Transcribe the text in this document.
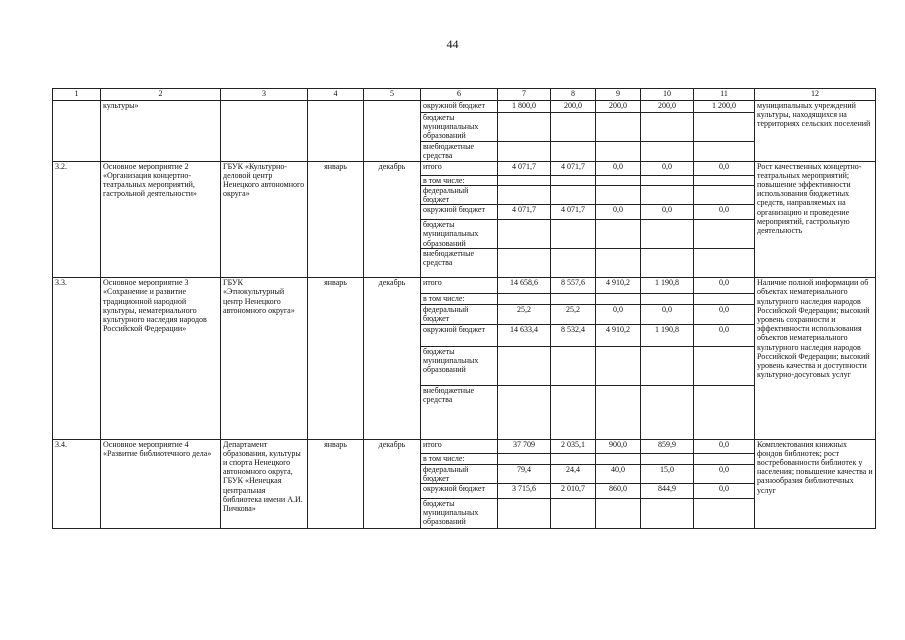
44
1	2	3	4	5	6	7	8	9	10	11	12
	культуры»				окружной бюджет	1 800,0	200,0	200,0	200,0	1 200,0	муниципальных учреждений культуры, находящихся на территориях сельских поселений
					бюджеты муниципальных образований						
					внебюджетные средства						
3.2.	Основное мероприятие 2 «Организация концертно-театральных мероприятий, гастрольной деятельности»	ГБУК «Культурно-деловой центр Ненецкого автономного округа»	январь	декабрь	итого	4 071,7	4 071,7	0,0	0,0	0,0	Рост качественных концертно-театральных мероприятий; повышение эффективности использования бюджетных средств, направляемых на организацию и проведение мероприятий, гастрольную деятельность
					в том числе:						
					федеральный бюджет						
					окружной бюджет	4 071,7	4 071,7	0,0	0,0	0,0	
					бюджеты муниципальных образований						
					внебюджетные средства						
3.3.	Основное мероприятие 3 «Сохранение и развитие традиционной народной культуры, нематериального культурного наследия народов Российской Федерации»	ГБУК «Этнокультурный центр Ненецкого автономного округа»	январь	декабрь	итого	14 658,6	8 557,6	4 910,2	1 190,8	0,0	Наличие полной информации об объектах нематериального культурного наследия народов Российской Федерации; высокий уровень сохранности и эффективности использования объектов нематериального культурного наследия народов Российской Федерации; высокий уровень качества и доступности культурно-досуговых услуг
					в том числе:						
					федеральный бюджет	25,2	25,2	0,0	0,0	0,0	
					окружной бюджет	14 633,4	8 532,4	4 910,2	1 190,8	0,0	
					бюджеты муниципальных образований						
					внебюджетные средства						
3.4.	Основное мероприятие 4 «Развитие библиотечного дела»	Департамент образования, культуры и спорта Ненецкого автономного округа, ГБУК «Ненецкая центральная библиотека имени А.И. Пичкова»	январь	декабрь	итого	37 709	2 035,1	900,0	859,9	0,0	Комплектования книжных фондов библиотек; рост востребованности библиотек у населения; повышение качества и разнообразия библиотечных услуг
					в том числе:						
					федеральный бюджет	79,4	24,4	40,0	15,0	0,0	
					окружной бюджет	3 715,6	2 010,7	860,0	844,9	0,0	
					бюджеты муниципальных образований						
